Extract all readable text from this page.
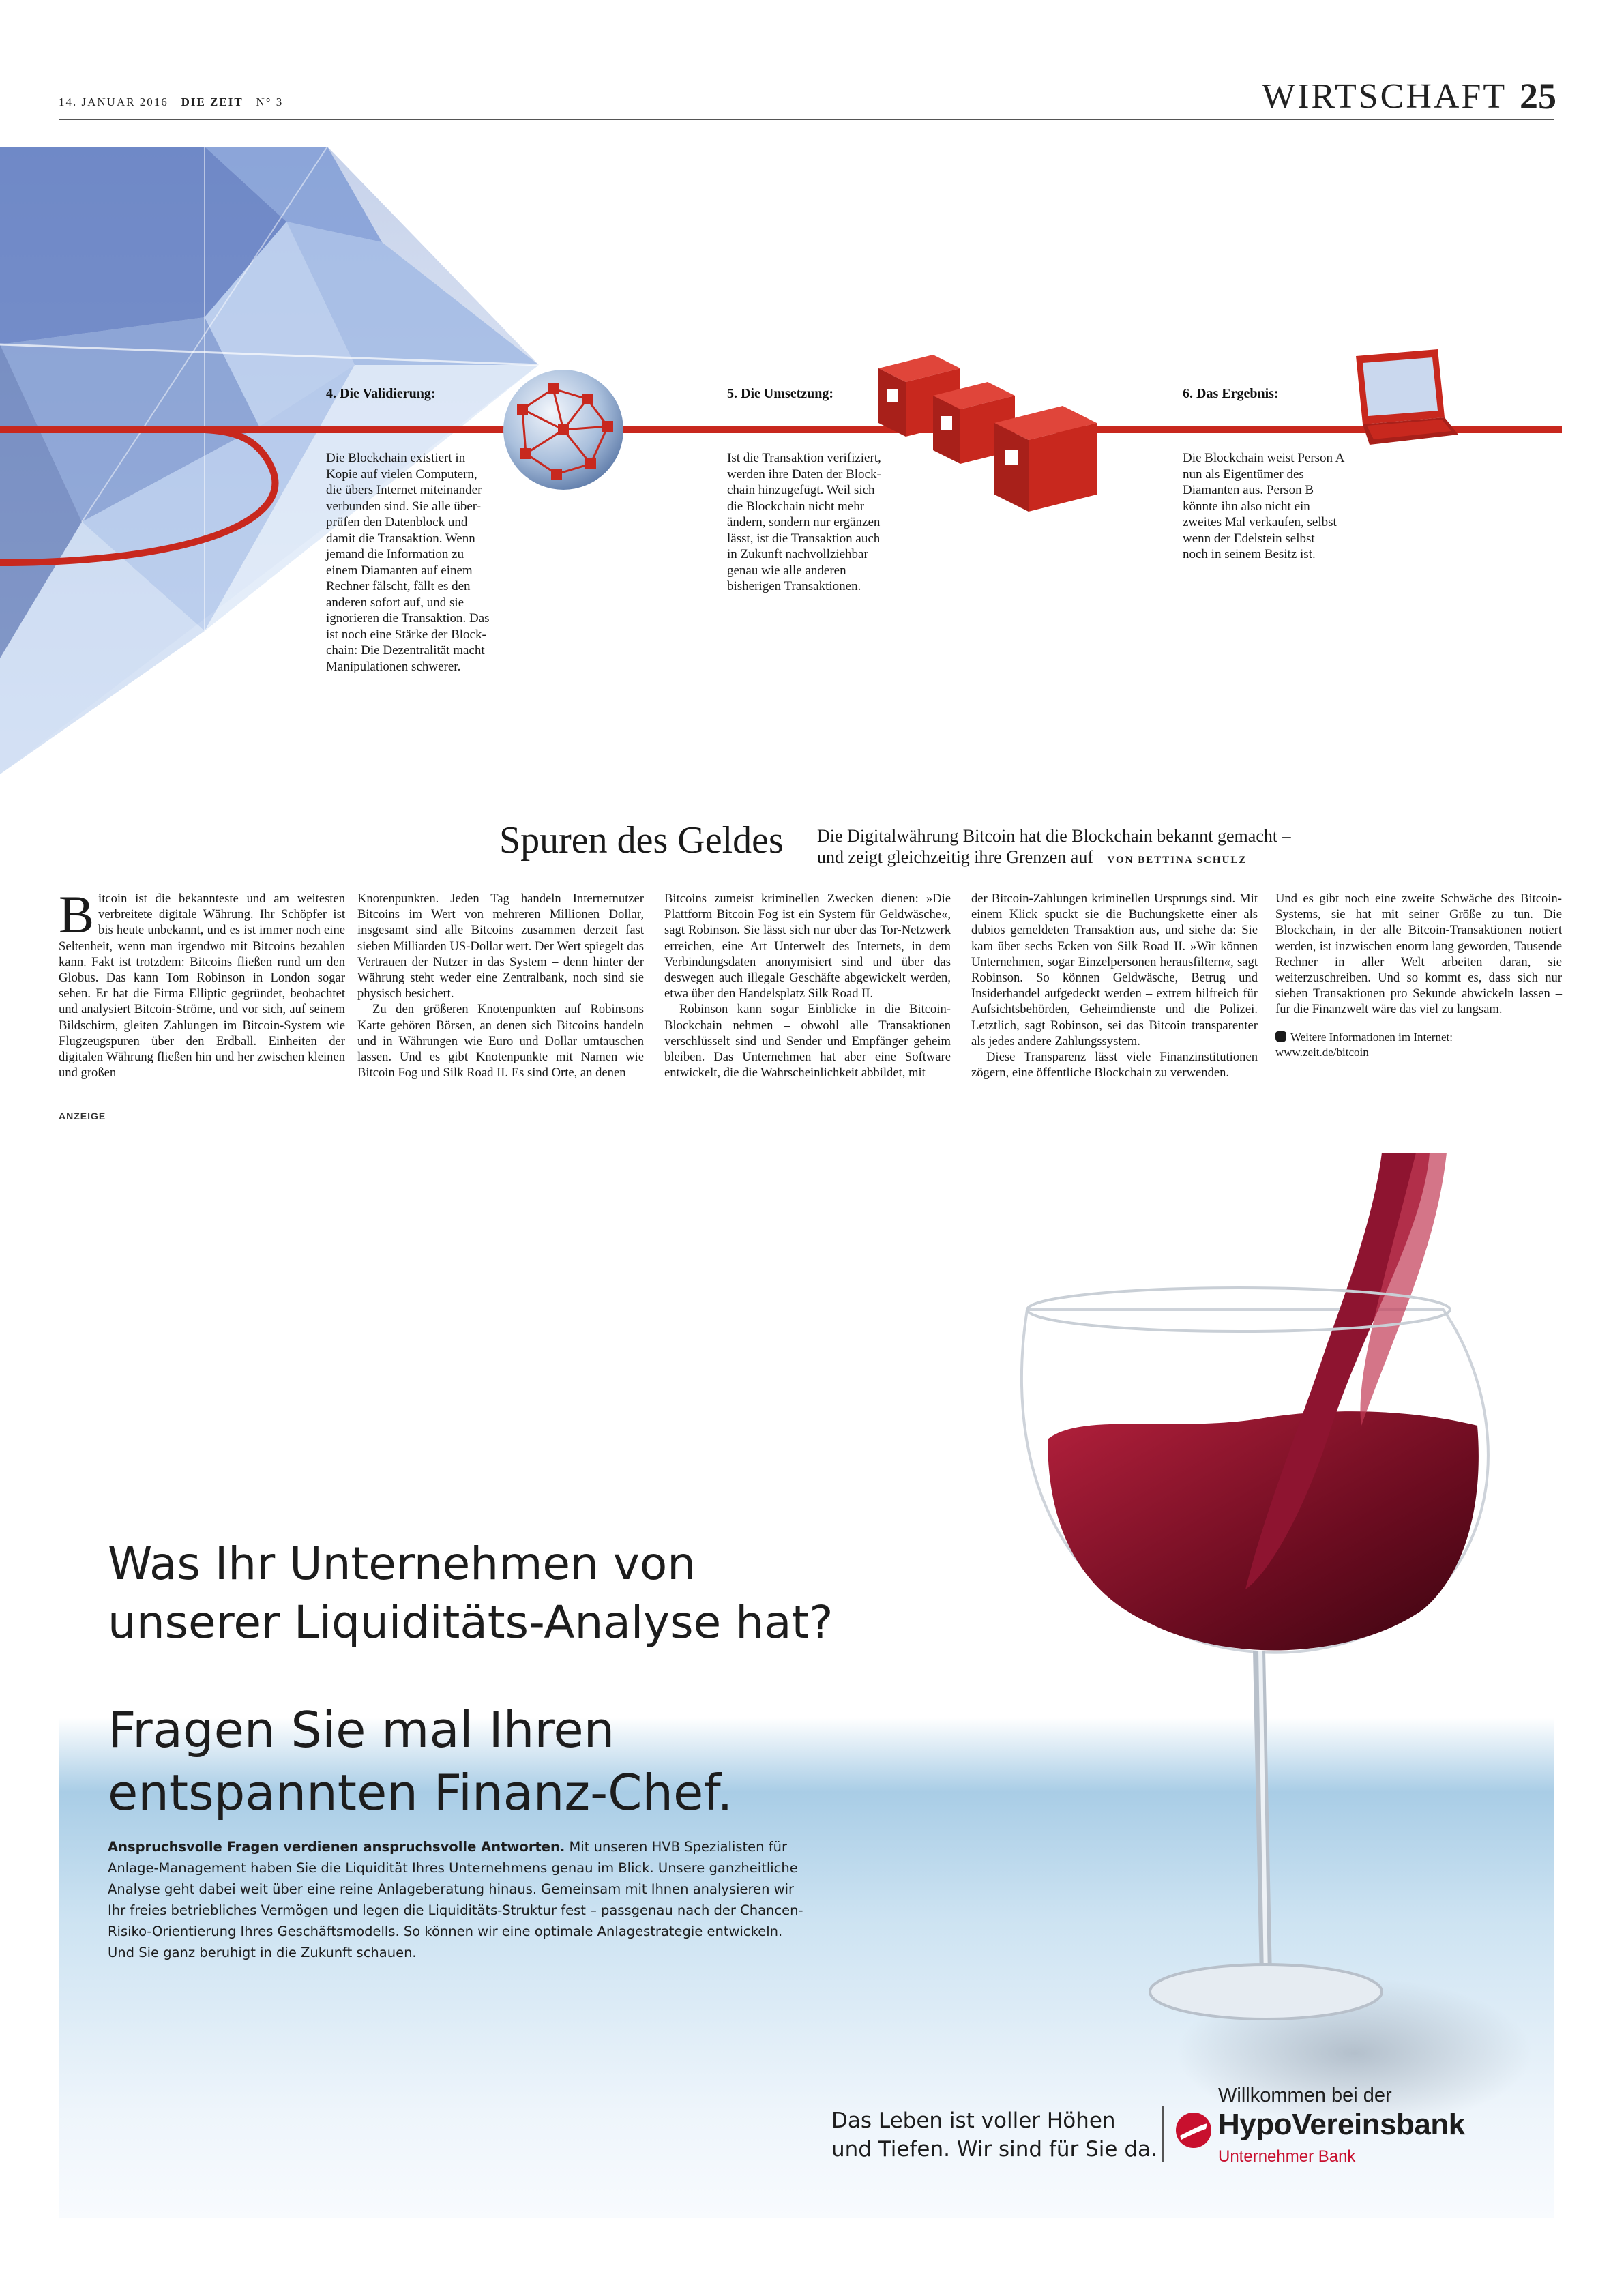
14. JANUAR 2016 DIE ZEIT N° 3	WIRTSCHAFT 25
4. Die Validierung:
Die Blockchain existiert in
Kopie auf vielen Computern,
die übers Internet miteinander
verbunden sind. Sie alle über-
prüfen den Datenblock und
damit die Transaktion. Wenn
jemand die Information zu
einem Diamanten auf einem
Rechner fälscht, fällt es den
anderen sofort auf, und sie
ignorieren die Transaktion. Das
ist noch eine Stärke der Block-
chain: Die Dezentralität macht
Manipulationen schwerer.
5. Die Umsetzung:
Ist die Transaktion verifiziert,
werden ihre Daten der Block-
chain hinzugefügt. Weil sich
die Blockchain nicht mehr
ändern, sondern nur ergänzen
lässt, ist die Transaktion auch
in Zukunft nachvollziehbar –
genau wie alle anderen
bisherigen Transaktionen.
6. Das Ergebnis:
Die Blockchain weist Person A
nun als Eigentümer des
Diamanten aus. Person B
könnte ihn also nicht ein
zweites Mal verkaufen, selbst
wenn der Edelstein selbst
noch in seinem Besitz ist.
Spuren des Geldes Die Digitalwährung Bitcoin hat die Blockchain bekannt gemacht – und zeigt gleichzeitig ihre Grenzen auf VON BETTINA SCHULZ
B itcoin ist die bekannteste und am weitesten verbreitete digitale Währung. Ihr Schöpfer ist bis heute unbekannt, und es ist immer noch eine Seltenheit, wenn man irgendwo mit Bitcoins bezahlen kann. Fakt ist trotzdem: Bitcoins fließen rund um den Globus. Das kann Tom Robinson in London sogar sehen. Er hat die Firma Elliptic gegründet, beobachtet und analysiert Bitcoin-Ströme, und vor sich, auf seinem Bildschirm, gleiten Zahlungen im Bitcoin-System wie Flugzeugspuren über den Erdball. Einheiten der digitalen Währung fließen hin und her zwischen kleinen und großen

Knotenpunkten. Jeden Tag handeln Internetnutzer Bitcoins im Wert von mehreren Millionen Dollar, insgesamt sind alle Bitcoins zusammen derzeit fast sieben Milliarden US-Dollar wert. Der Wert spiegelt das Vertrauen der Nutzer in das System – denn hinter der Währung steht weder eine Zentralbank, noch sind sie physisch besichert.

Zu den größeren Knotenpunkten auf Robinsons Karte gehören Börsen, an denen sich Bitcoins handeln und in Währungen wie Euro und Dollar umtauschen lassen. Und es gibt Knotenpunkte mit Namen wie Bitcoin Fog und Silk Road II. Es sind Orte, an denen

Bitcoins zumeist kriminellen Zwecken dienen: »Die Plattform Bitcoin Fog ist ein System für Geldwäsche«, sagt Robinson. Sie lässt sich nur über das Tor-Netzwerk erreichen, eine Art Unterwelt des Internets, in dem Verbindungsdaten anonymisiert sind und über das deswegen auch illegale Geschäfte abgewickelt werden, etwa über den Handelsplatz Silk Road II.

Robinson kann sogar Einblicke in die Bitcoin-Blockchain nehmen – obwohl alle Transaktionen verschlüsselt sind und Sender und Empfänger geheim bleiben. Das Unternehmen hat aber eine Software entwickelt, die die Wahrscheinlichkeit abbildet, mit

der Bitcoin-Zahlungen kriminellen Ursprungs sind. Mit einem Klick spuckt sie die Buchungskette einer als dubios gemeldeten Transaktion aus, und siehe da: Sie kam über sechs Ecken von Silk Road II. »Wir können Unternehmen, sogar Einzelpersonen herausfiltern«, sagt Robinson. So können Geldwäsche, Betrug und Insiderhandel aufgedeckt werden – extrem hilfreich für Aufsichtsbehörden, Geheimdienste und die Polizei. Letztlich, sagt Robinson, sei das Bitcoin transparenter als jedes andere Zahlungssystem.

Diese Transparenz lässt viele Finanzinstitutionen zögern, eine öffentliche Blockchain zu verwenden.

Und es gibt noch eine zweite Schwäche des Bitcoin-Systems, sie hat mit seiner Größe zu tun. Die Blockchain, in der alle Bitcoin-Transaktionen notiert werden, ist inzwischen enorm lang geworden, Tausende Rechner in aller Welt arbeiten daran, sie weiterzuschreiben. Und so kommt es, dass sich nur sieben Transaktionen pro Sekunde abwickeln lassen – für die Finanzwelt wäre das viel zu langsam.

Weitere Informationen im Internet:
www.zeit.de/bitcoin
ANZEIGE
Was Ihr Unternehmen von
unserer Liquiditäts-Analyse hat?
Fragen Sie mal Ihren
entspannten Finanz-Chef.
Anspruchsvolle Fragen verdienen anspruchsvolle Antworten. Mit unseren HVB Spezialisten für
Anlage-Management haben Sie die Liquidität Ihres Unternehmens genau im Blick. Unsere ganzheitliche
Analyse geht dabei weit über eine reine Anlageberatung hinaus. Gemeinsam mit Ihnen analysieren wir
Ihr freies betriebliches Vermögen und legen die Liquiditäts-Struktur fest – passgenau nach der Chancen-
Risiko-Orientierung Ihres Geschäftsmodells. So können wir eine optimale Anlagestrategie entwickeln.
Und Sie ganz beruhigt in die Zukunft schauen.
Das Leben ist voller Höhen
und Tiefen. Wir sind für Sie da.
Willkommen bei der
HypoVereinsbank
Unternehmer Bank
